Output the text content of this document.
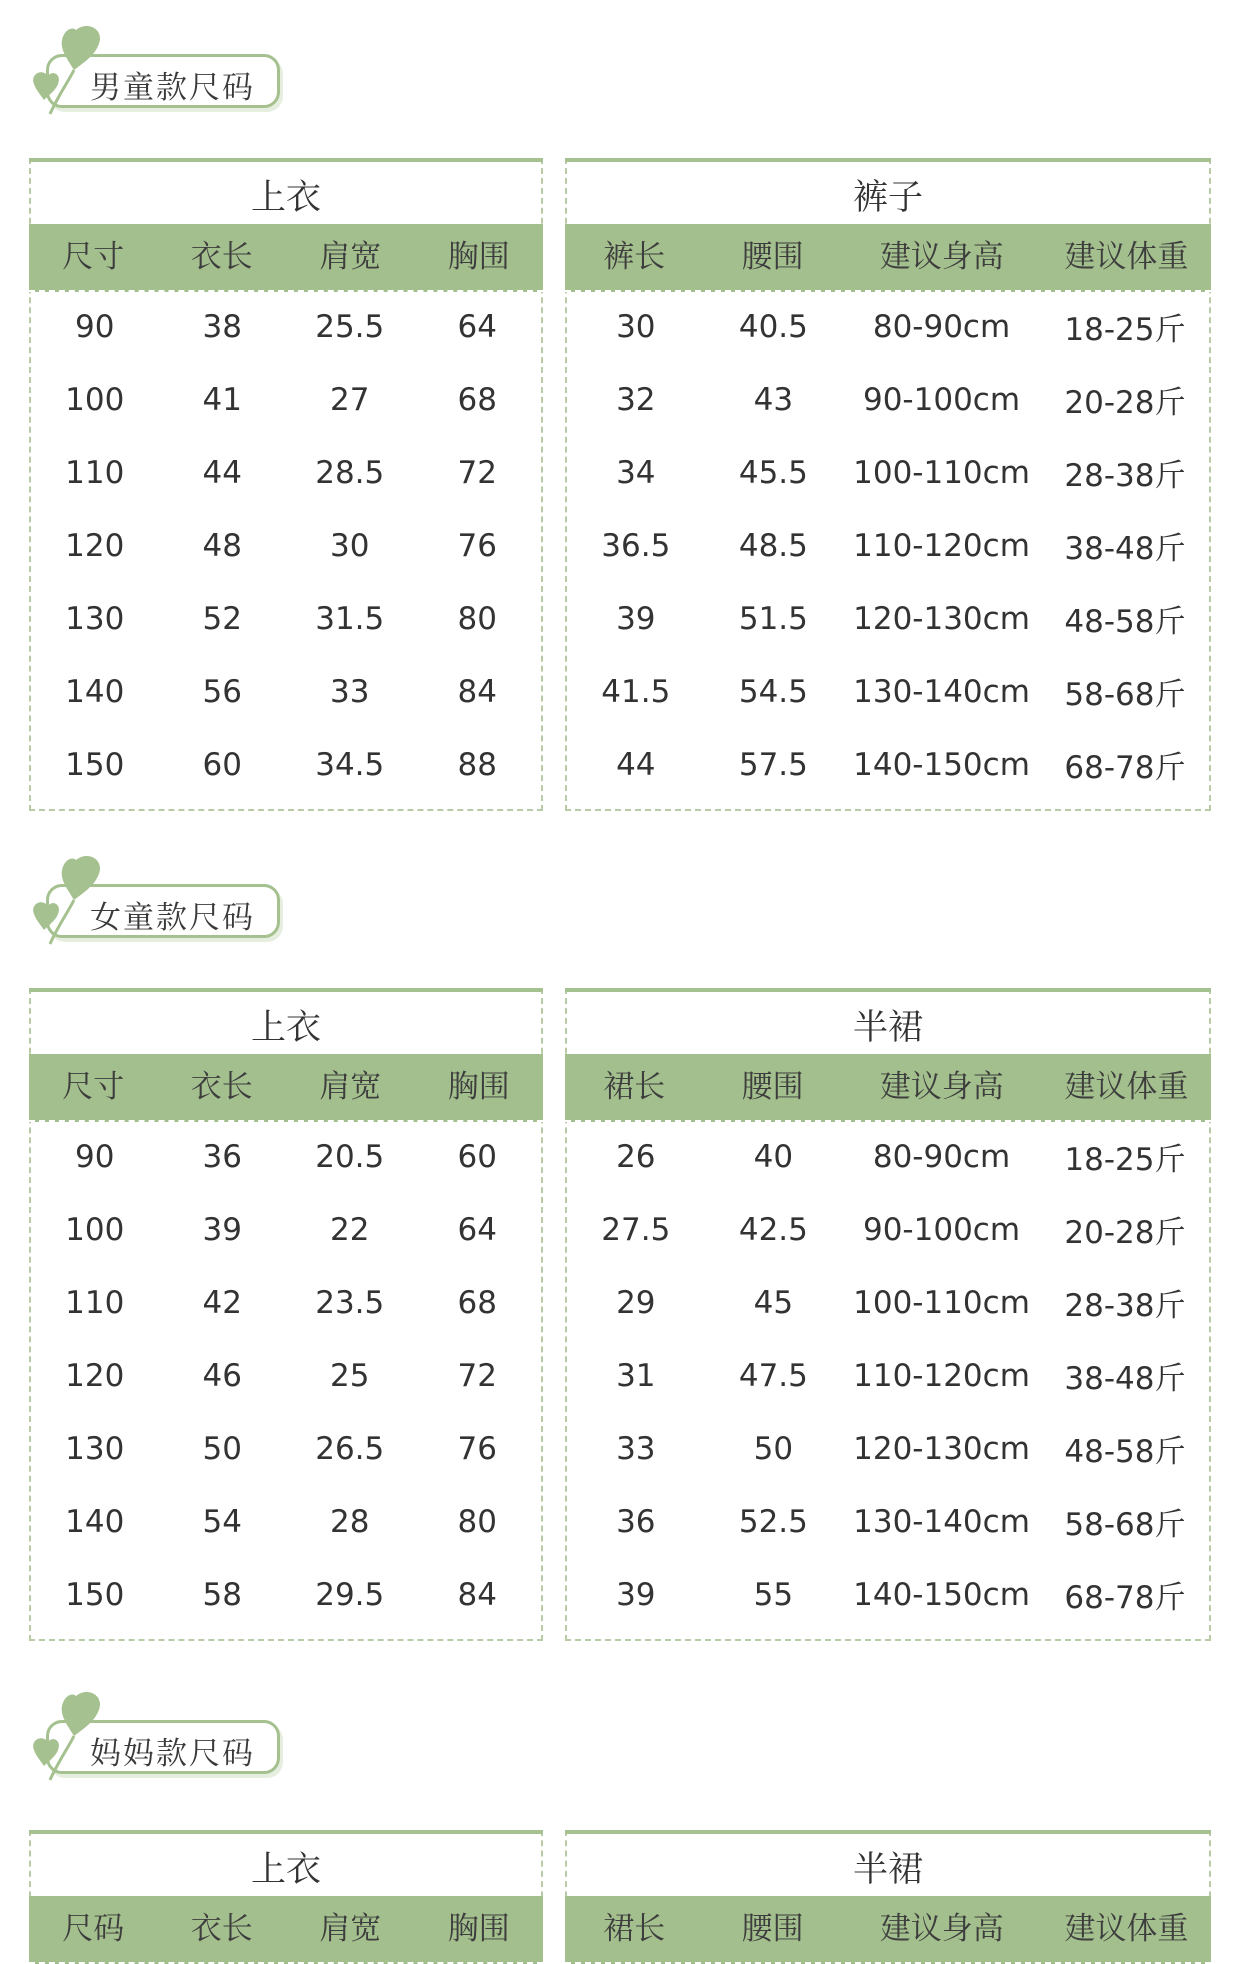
男童款尺码
上衣
尺寸	衣长	肩宽	胸围
90	38	25.5	64
100	41	27	68
110	44	28.5	72
120	48	30	76
130	52	31.5	80
140	56	33	84
150	60	34.5	88
裤子
裤长	腰围	建议身高	建议体重
30	40.5	80-90cm	18-25斤
32	43	90-100cm	20-28斤
34	45.5	100-110cm	28-38斤
36.5	48.5	110-120cm	38-48斤
39	51.5	120-130cm	48-58斤
41.5	54.5	130-140cm	58-68斤
44	57.5	140-150cm	68-78斤
女童款尺码
上衣
尺寸	衣长	肩宽	胸围
90	36	20.5	60
100	39	22	64
110	42	23.5	68
120	46	25	72
130	50	26.5	76
140	54	28	80
150	58	29.5	84
半裙
裙长	腰围	建议身高	建议体重
26	40	80-90cm	18-25斤
27.5	42.5	90-100cm	20-28斤
29	45	100-110cm	28-38斤
31	47.5	110-120cm	38-48斤
33	50	120-130cm	48-58斤
36	52.5	130-140cm	58-68斤
39	55	140-150cm	68-78斤
妈妈款尺码
上衣
尺码	衣长	肩宽	胸围
半裙
裙长	腰围	建议身高	建议体重
